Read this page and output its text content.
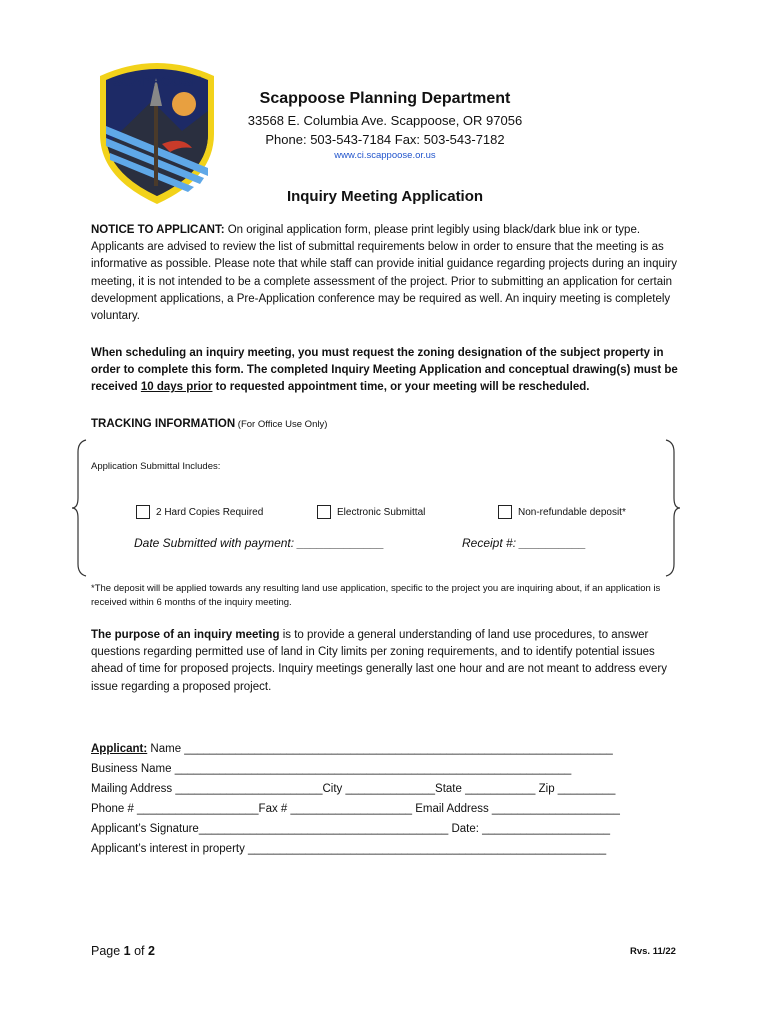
SCAPPOOSE
Scappoose Planning Department
33568 E. Columbia Ave. Scappoose, OR 97056
Phone: 503-543-7184 Fax: 503-543-7182
www.ci.scappoose.or.us
Inquiry Meeting Application
NOTICE TO APPLICANT: On original application form, please print legibly using black/dark blue ink or type. Applicants are advised to review the list of submittal requirements below in order to ensure that the meeting is as informative as possible. Please note that while staff can provide initial guidance regarding projects during an inquiry meeting, it is not intended to be a complete assessment of the project. Prior to submitting an application for certain development applications, a Pre-Application conference may be required as well. An inquiry meeting is completely voluntary.
When scheduling an inquiry meeting, you must request the zoning designation of the subject property in order to complete this form. The completed Inquiry Meeting Application and conceptual drawing(s) must be received 10 days prior to requested appointment time, or your meeting will be rescheduled.
TRACKING INFORMATION (For Office Use Only)
Application Submittal Includes:
2 Hard Copies Required	Electronic Submittal	Non-refundable deposit*
Date Submitted with payment: _____________	Receipt #: __________
*The deposit will be applied towards any resulting land use application, specific to the project you are inquiring about, if an application is received within 6 months of the inquiry meeting.
The purpose of an inquiry meeting is to provide a general understanding of land use procedures, to answer questions regarding permitted use of land in City limits per zoning requirements, and to identify potential issues ahead of time for proposed projects. Inquiry meetings generally last one hour and are not meant to address every issue regarding a proposed project.
Applicant: Name ___________________________________________________________________
Business Name ______________________________________________________________
Mailing Address _______________________City ______________State ___________ Zip _________
Phone # ___________________Fax # ___________________ Email Address ____________________
Applicant’s Signature_______________________________________ Date: ____________________
Applicant’s interest in property ________________________________________________________
Page 1 of 2	Rvs. 11/22
